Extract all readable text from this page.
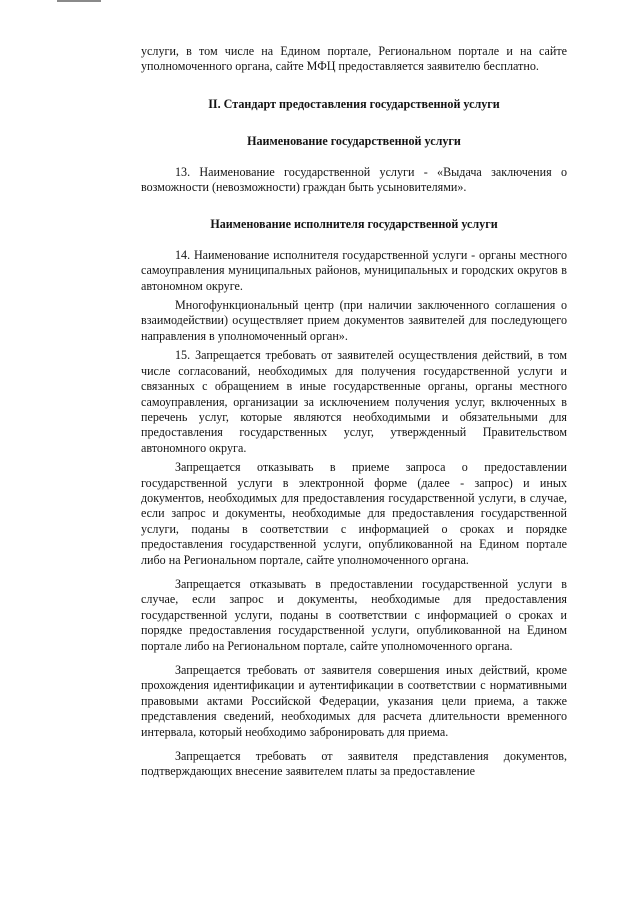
услуги, в том числе на Едином портале, Региональном портале и на сайте уполномоченного органа, сайте МФЦ предоставляется заявителю бесплатно.

II. Стандарт предоставления государственной услуги
Наименование государственной услуги

13. Наименование государственной услуги - «Выдача заключения о возможности (невозможности) граждан быть усыновителями».

Наименование исполнителя государственной услуги

14. Наименование исполнителя государственной услуги - органы местного самоуправления муниципальных районов, муниципальных и городских округов в автономном округе.

Многофункциональный центр (при наличии заключенного соглашения о взаимодействии) осуществляет прием документов заявителей для последующего направления в уполномоченный орган».

15. Запрещается требовать от заявителей осуществления действий, в том числе согласований, необходимых для получения государственной услуги и связанных с обращением в иные государственные органы, органы местного самоуправления, организации за исключением получения услуг, включенных в перечень услуг, которые являются необходимыми и обязательными для предоставления государственных услуг, утвержденный Правительством автономного округа.

Запрещается отказывать в приеме запроса о предоставлении государственной услуги в электронной форме (далее - запрос) и иных документов, необходимых для предоставления государственной услуги, в случае, если запрос и документы, необходимые для предоставления государственной услуги, поданы в соответствии с информацией о сроках и порядке предоставления государственной услуги, опубликованной на Едином портале либо на Региональном портале, сайте уполномоченного органа.

Запрещается отказывать в предоставлении государственной услуги в случае, если запрос и документы, необходимые для предоставления государственной услуги, поданы в соответствии с информацией о сроках и порядке предоставления государственной услуги, опубликованной на Едином портале либо на Региональном портале, сайте уполномоченного органа.

Запрещается требовать от заявителя совершения иных действий, кроме прохождения идентификации и аутентификации в соответствии с нормативными правовыми актами Российской Федерации, указания цели приема, а также представления сведений, необходимых для расчета длительности временного интервала, который необходимо забронировать для приема.

Запрещается требовать от заявителя представления документов, подтверждающих внесение заявителем платы за предоставление
